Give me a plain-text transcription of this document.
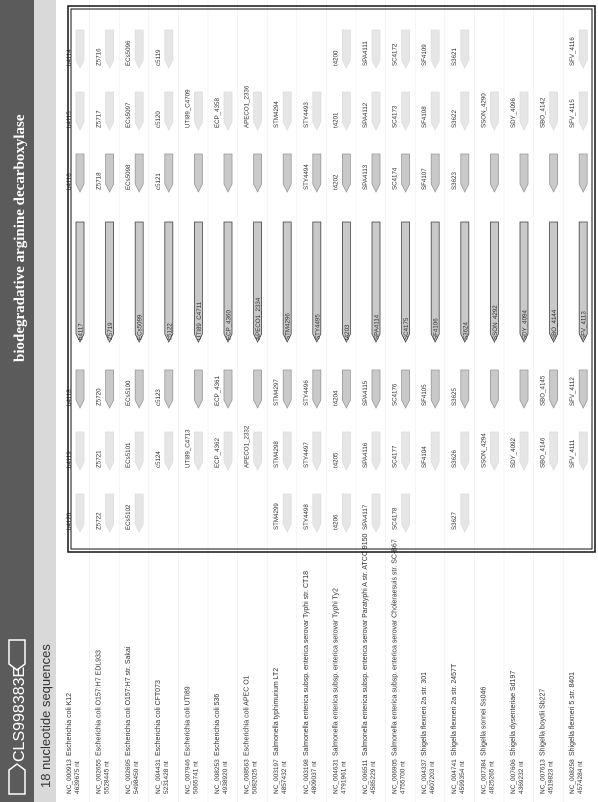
CLS998383E 18 nucleotide sequences
biodegradative arginine decarboxylase
NC_000913 4639675 nt
Escherichia coli K12
b4120
b4119
b4118
b4117
b4116
b4115
b4114
NC_002655 5528445 nt
Escherichia coli O157:H7 EDL933
Z5722
Z5721
Z5720
Z5719
Z5718
Z5717
Z5716
NC_002695 5498450 nt
Escherichia coli O157:H7 str. Sakai
ECs5102
ECs5101
ECs5100
ECs5099
ECs5098
ECs5097
ECs5096
NC_004431 5231428 nt
Escherichia coli CFT073
c5124
c5123
c5122
c5121
c5120
c5119
NC_007946 5065741 nt
Escherichia coli UTI89
UTI89_C4713
UTI89_C4711
UTI89_C4709
NC_008253 4938920 nt
Escherichia coli 536
ECP_4362
ECP_4361
ECP_4360
ECP_4358
NC_008563 5082025 nt
Escherichia coli APEC O1
APECO1_2332
APECO1_2334
APECO1_2336
NC_003197 4857432 nt
Salmonella typhimurium LT2
STM4299
STM4298
STM4297
STM4296
STM4294
NC_003198 4809037 nt
Salmonella enterica subsp. enterica serovar Typhi str. CT18
STY4498
STY4497
STY4496
STY4495
STY4494
STY4493
NC_004631 4791961 nt
Salmonella enterica subsp. enterica serovar Typhi Ty2
t4206
t4205
t4204
t4203
t4202
t4201
t4200
NC_006511 4585229 nt
Salmonella enterica subsp. enterica serovar Paratyphi A str. ATCC 9150
SPA4117
SPA4116
SPA4115
SPA4114
SPA4113
SPA4112
SPA4111
NC_006905 4755700 nt
Salmonella enterica subsp. enterica serovar Choleraesuis str. SC-B67
SC4178
SC4177
SC4176
SC4175
SC4174
SC4173
SC4172
NC_004337 4607203 nt
Shigella flexneri 2a str. 301
SF4104
SF4105
SF4106
SF4107
SF4108
SF4109
NC_004741 4599354 nt
Shigella flexneri 2a str. 2457T
S3627
S3626
S3625
S3624
S3623
S3622
S3621
NC_007384 4825265 nt
Shigella sonnei Ss046
SSON_4294
SSON_4292
SSON_4290
NC_007606 4369232 nt
Shigella dysenteriae Sd197
SDY_4092
SDY_4094
SDY_4096
NC_007613 4519823 nt
Shigella boydii Sb227
SBO_4146
SBO_4145
SBO_4144
SBO_4142
NC_008258 4574284 nt
Shigella flexneri 5 str. 8401
SFV_4111
SFV_4112
SFV_4113
SFV_4115
SFV_4116
